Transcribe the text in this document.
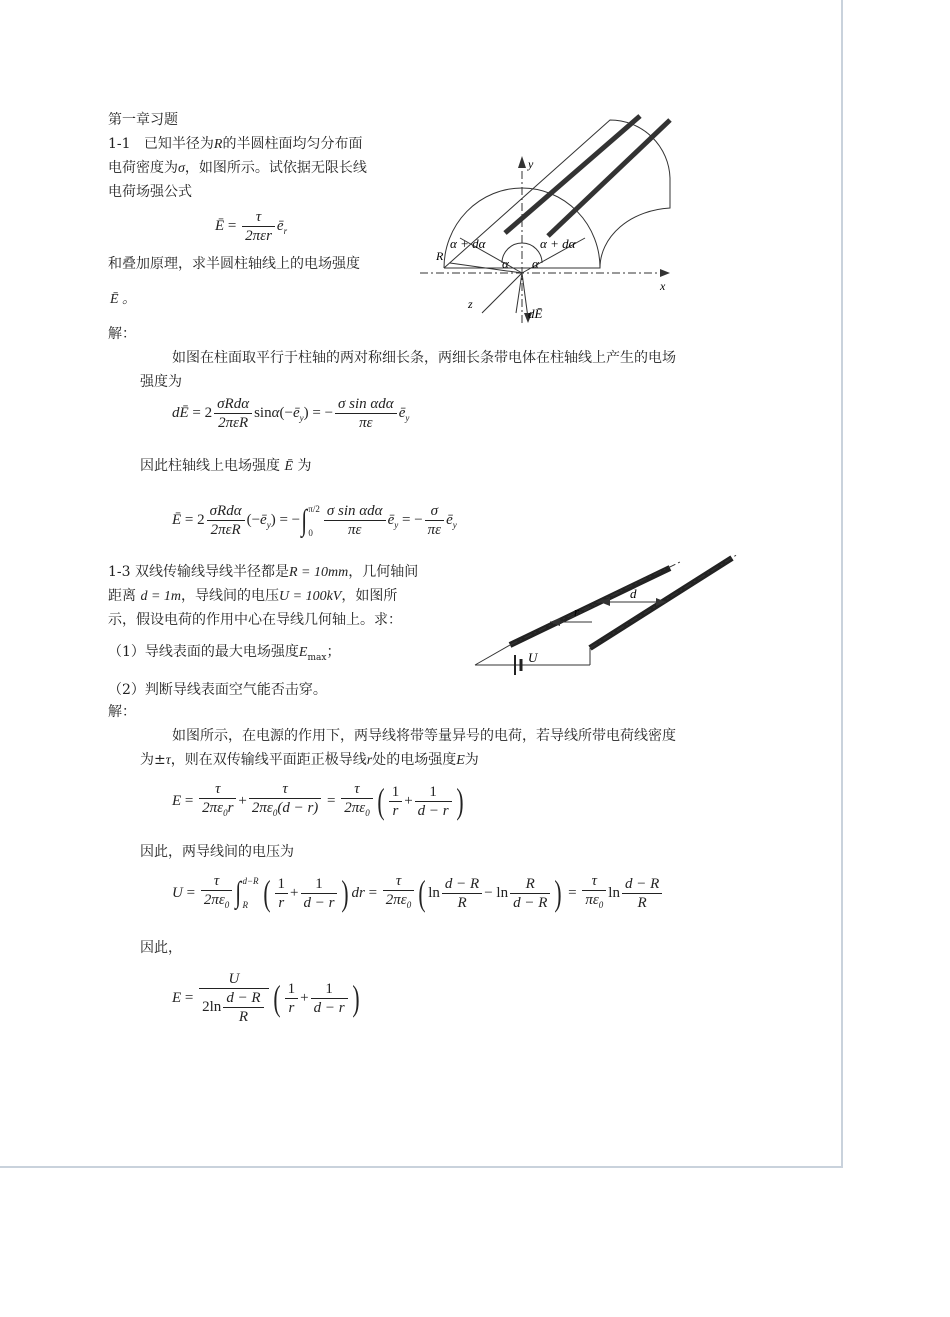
第一章习题
1-1 已知半径为R的半圆柱面均匀分布面
电荷密度为σ，如图所示。试依据无限长线
电荷场强公式
Ē = $\frac{\tau}{\text{2πεr}}$ $ē_r$
和叠加原理，求半圆柱轴线上的电场强度
Ē 。
解：
如图在柱面取平行于柱轴的两对称细长条，两细长条带电体在柱轴线上产生的电场
强度为
dĒ = $2 \frac{\text{σRdα}}{\text{2πεR}}$ sin α (− $ē_y$ ) = − $\frac{\text{σ sin αdα}}{\pi\varepsilon}$ $ē_y$
因此柱轴线上电场强度 Ē 为
Ē = $2 \frac{\text{σRdα}}{\text{2πεR}}$ (− $ē_y$ ) = − ∫ π/2
$0 \frac{\text{σ sin αdα}}{\pi\varepsilon}$ $ē_y$ = − $\frac{\sigma}{\pi\varepsilon}$ $ē_y$
y
x
z
R
α + dα	α + dα
α α
dĒ
1-3 双线传输线导线半径都是R = 10mm，几何轴间
距离 d = 1m，导线间的电压U = 100kV，如图所
示，假设电荷的作用中心在导线几何轴上。求：
（1）导线表面的最大电场强度$E_{max}$；
（2）判断导线表面空气能否击穿。
解：
d
r
U
如图所示，在电源的作用下，两导线将带等量异号的电荷，若导线所带电荷线密度
为±τ，则在双传输线平面距正极导线r处的电场强度E为
$E = \frac{\tau}{2\pi\varepsilon_0r} + \frac{\tau}{2\pi\varepsilon_0(d - r)} = \frac{\tau}{2\pi\varepsilon_0}$ ( $\frac{1}{r} + \frac{1}{d - r}$ )
因此，两导线间的电压为
$U = \frac{\tau}{2\pi\varepsilon_0}$ ∫ d−R
R ( $\frac{1}{r} + \frac{1}{d - r}$ ) dr = $\frac{\tau}{2\pi\varepsilon_0}$ ( $\ln \frac{d - R}{R} - \ln \frac{R}{d - R}$ ) = $\frac{\tau}{\pi\varepsilon_0}$ $\ln \frac{d - R}{R}$
因此，
$E = \frac{U}{2\ln \frac{d - R}{R}}$ ( $\frac{1}{r} + \frac{1}{d - r}$ )
